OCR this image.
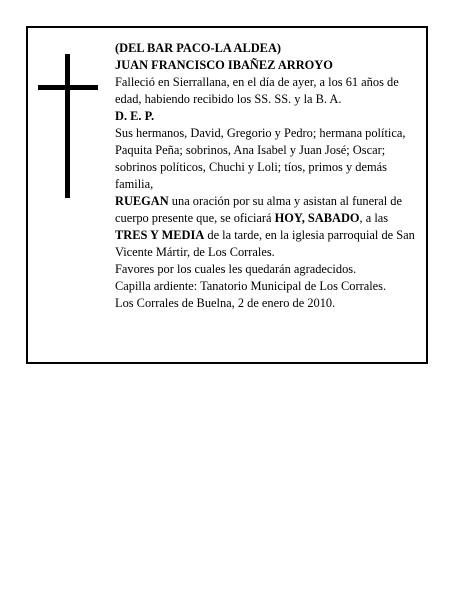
(DEL BAR PACO-LA ALDEA)

JUAN FRANCISCO IBAÑEZ ARROYO

Falleció en Sierrallana, en el día de ayer, a los 61 años de edad, habiendo recibido los SS. SS. y la B. A.

D. E. P.

Sus hermanos, David, Gregorio y Pedro; hermana política, Paquita Peña; sobrinos, Ana Isabel y Juan José; Oscar; sobrinos políticos, Chuchi y Loli; tíos, primos y demás familia,

RUEGAN una oración por su alma y asistan al funeral de cuerpo presente que, se oficiará HOY, SABADO, a las TRES Y MEDIA de la tarde, en la iglesia parroquial de San Vicente Mártir, de Los Corrales.

Favores por los cuales les quedarán agradecidos.

Capilla ardiente: Tanatorio Municipal de Los Corrales.

Los Corrales de Buelna, 2 de enero de 2010.
